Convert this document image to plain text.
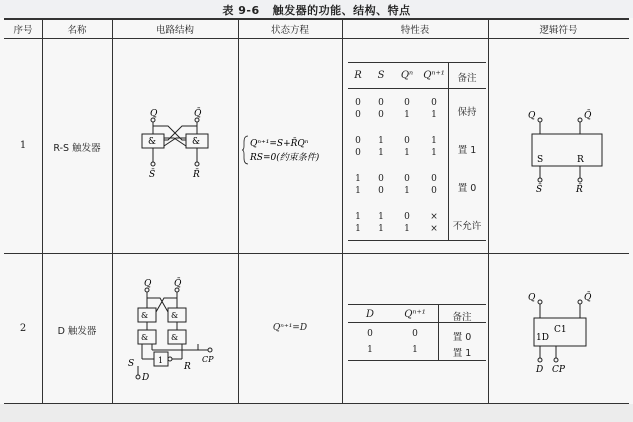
表 9-6 触发器的功能、结构、特点
序号	名称	电路结构	状态方程	特性表	逻辑符号
1	R-S 触发器
Q	Q̄
&	&
S̄	R̄
Qⁿ⁺¹=S+R̄Qⁿ
RS=0(约束条件)
R	S	Qⁿ	Qⁿ⁺¹	备注
0	0	0	0
0	0	1	1	保持
0	1	0	1
0	1	1	1	置 1
1	0	0	0
1	0	1	0	置 0
1	1	0	×
1	1	1	×	不允许
Q	Q̄
S	R
S̄	R̄
2	D 触发器
Q	Q̄
&	&
&	&
1
S	R
D
CP
Qⁿ⁺¹=D
D	Qⁿ⁺¹	备注
0	0	置 0
1	1	置 1
Q	Q̄
1D
C1
D CP
